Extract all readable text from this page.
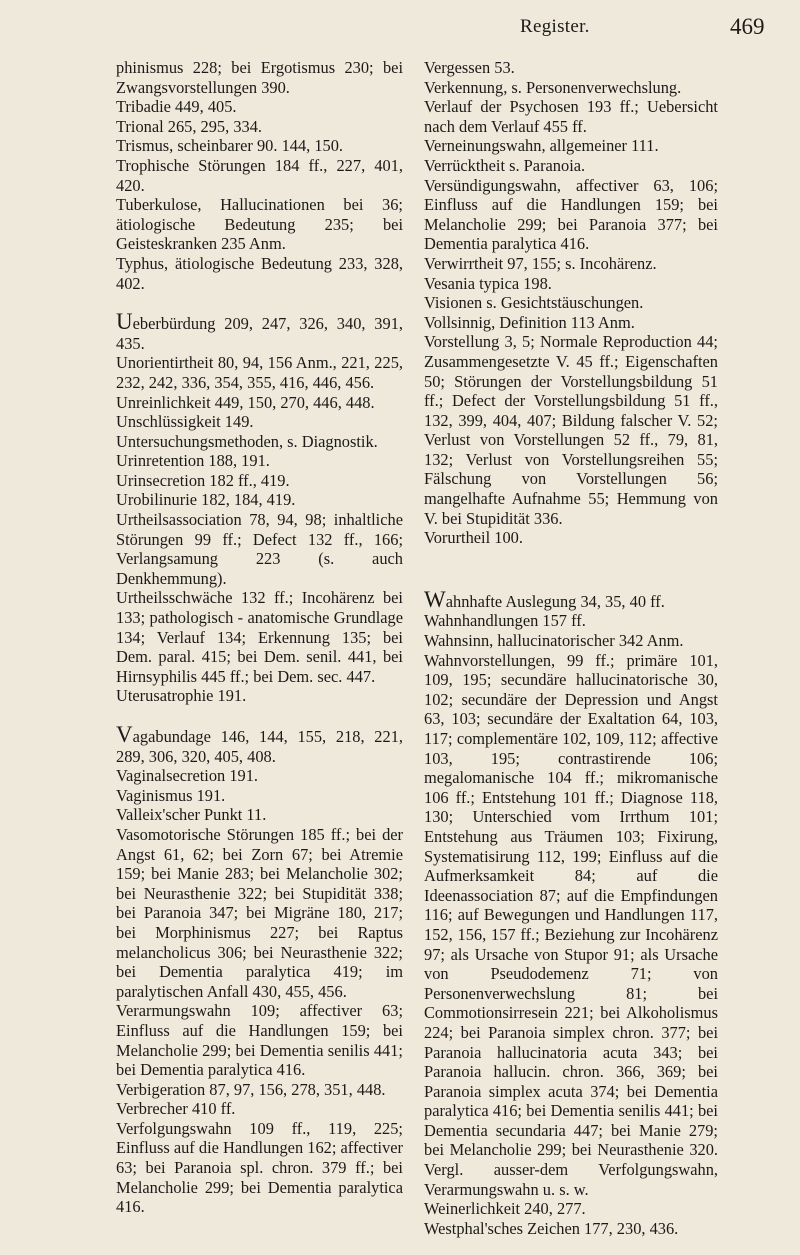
Register.	469

phinismus 228; bei Ergotismus 230; bei Zwangsvorstellungen 390.

Tribadie 449, 405.

Trional 265, 295, 334.

Trismus, scheinbarer 90. 144, 150.

Trophische Störungen 184 ff., 227, 401, 420.

Tuberkulose, Hallucinationen bei 36; ätiologische Bedeutung 235; bei Geisteskranken 235 Anm.

Typhus, ätiologische Bedeutung 233, 328, 402.

Ueberbürdung 209, 247, 326, 340, 391, 435.

Unorientirtheit 80, 94, 156 Anm., 221, 225, 232, 242, 336, 354, 355, 416, 446, 456.

Unreinlichkeit 449, 150, 270, 446, 448.

Unschlüssigkeit 149.

Untersuchungsmethoden, s. Diagnostik.

Urinretention 188, 191.

Urinsecretion 182 ff., 419.

Urobilinurie 182, 184, 419.

Urtheilsassociation 78, 94, 98; inhaltliche Störungen 99 ff.; Defect 132 ff., 166; Verlangsamung 223 (s. auch Denkhemmung).

Urtheilsschwäche 132 ff.; Incohärenz bei 133; pathologisch - anatomische Grundlage 134; Verlauf 134; Erkennung 135; bei Dem. paral. 415; bei Dem. senil. 441, bei Hirnsyphilis 445 ff.; bei Dem. sec. 447.

Uterusatrophie 191.

Vagabundage 146, 144, 155, 218, 221, 289, 306, 320, 405, 408.

Vaginalsecretion 191.

Vaginismus 191.

Valleix'scher Punkt 11.

Vasomotorische Störungen 185 ff.; bei der Angst 61, 62; bei Zorn 67; bei Atremie 159; bei Manie 283; bei Melancholie 302; bei Neurasthenie 322; bei Stupidität 338; bei Paranoia 347; bei Migräne 180, 217; bei Morphinismus 227; bei Raptus melancholicus 306; bei Neurasthenie 322; bei Dementia paralytica 419; im paralytischen Anfall 430, 455, 456.

Verarmungswahn 109; affectiver 63; Einfluss auf die Handlungen 159; bei Melancholie 299; bei Dementia senilis 441; bei Dementia paralytica 416.

Verbigeration 87, 97, 156, 278, 351, 448.

Verbrecher 410 ff.

Verfolgungswahn 109 ff., 119, 225; Einfluss auf die Handlungen 162; affectiver 63; bei Paranoia spl. chron. 379 ff.; bei Melancholie 299; bei Dementia paralytica 416.

Vergessen 53.

Verkennung, s. Personenverwechslung.

Verlauf der Psychosen 193 ff.; Uebersicht nach dem Verlauf 455 ff.

Verneinungswahn, allgemeiner 111.

Verrücktheit s. Paranoia.

Versündigungswahn, affectiver 63, 106; Einfluss auf die Handlungen 159; bei Melancholie 299; bei Paranoia 377; bei Dementia paralytica 416.

Verwirrtheit 97, 155; s. Incohärenz.

Vesania typica 198.

Visionen s. Gesichtstäuschungen.

Vollsinnig, Definition 113 Anm.

Vorstellung 3, 5; Normale Reproduction 44; Zusammengesetzte V. 45 ff.; Eigenschaften 50; Störungen der Vorstellungsbildung 51 ff.; Defect der Vorstellungsbildung 51 ff., 132, 399, 404, 407; Bildung falscher V. 52; Verlust von Vorstellungen 52 ff., 79, 81, 132; Verlust von Vorstellungsreihen 55; Fälschung von Vorstellungen 56; mangelhafte Aufnahme 55; Hemmung von V. bei Stupidität 336.

Vorurtheil 100.

Wahnhafte Auslegung 34, 35, 40 ff.

Wahnhandlungen 157 ff.

Wahnsinn, hallucinatorischer 342 Anm.

Wahnvorstellungen, 99 ff.; primäre 101, 109, 195; secundäre hallucinatorische 30, 102; secundäre der Depression und Angst 63, 103; secundäre der Exaltation 64, 103, 117; complementäre 102, 109, 112; affective 103, 195; contrastirende 106; megalomanische 104 ff.; mikromanische 106 ff.; Entstehung 101 ff.; Diagnose 118, 130; Unterschied vom Irrthum 101; Entstehung aus Träumen 103; Fixirung, Systematisirung 112, 199; Einfluss auf die Aufmerksamkeit 84; auf die Ideenassociation 87; auf die Empfindungen 116; auf Bewegungen und Handlungen 117, 152, 156, 157 ff.; Beziehung zur Incohärenz 97; als Ursache von Stupor 91; als Ursache von Pseudodemenz 71; von Personenverwechslung 81; bei Commotionsirresein 221; bei Alkoholismus 224; bei Paranoia simplex chron. 377; bei Paranoia hallucinatoria acuta 343; bei Paranoia hallucin. chron. 366, 369; bei Paranoia simplex acuta 374; bei Dementia paralytica 416; bei Dementia senilis 441; bei Dementia secundaria 447; bei Manie 279; bei Melancholie 299; bei Neurasthenie 320. Vergl. ausser-dem Verfolgungswahn, Verarmungswahn u. s. w.

Weinerlichkeit 240, 277.

Westphal'sches Zeichen 177, 230, 436.
